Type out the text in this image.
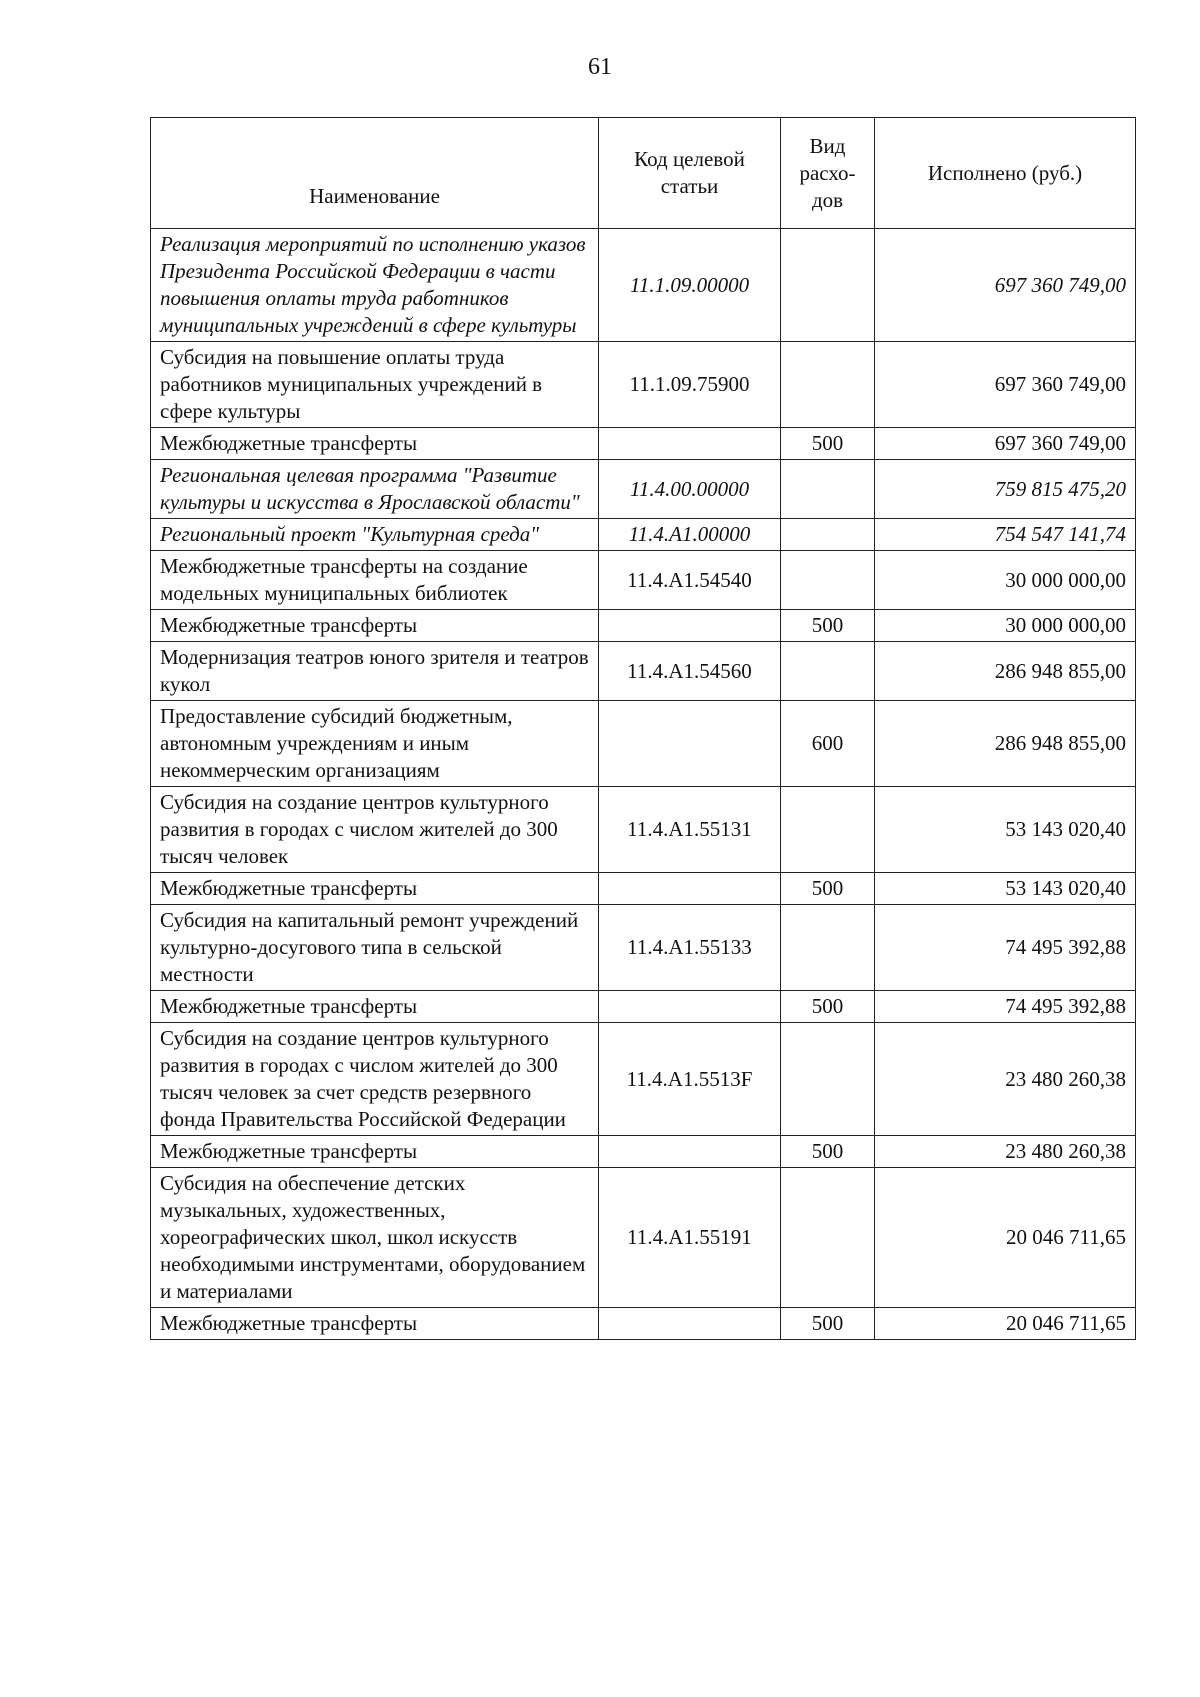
61
Наименование	Код целевой статьи	Вид расхо-дов	Исполнено (руб.)
Реализация мероприятий по исполнению указов Президента Российской Федерации в части повышения оплаты труда работников муниципальных учреждений в сфере культуры	11.1.09.00000		697 360 749,00
Субсидия на повышение оплаты труда работников муниципальных учреждений в сфере культуры	11.1.09.75900		697 360 749,00
Межбюджетные трансферты		500	697 360 749,00
Региональная целевая программа "Развитие культуры и искусства в Ярославской области"	11.4.00.00000		759 815 475,20
Региональный проект "Культурная среда"	11.4.A1.00000		754 547 141,74
Межбюджетные трансферты на создание модельных муниципальных библиотек	11.4.A1.54540		30 000 000,00
Межбюджетные трансферты		500	30 000 000,00
Модернизация театров юного зрителя и театров кукол	11.4.A1.54560		286 948 855,00
Предоставление субсидий бюджетным, автономным учреждениям и иным некоммерческим организациям		600	286 948 855,00
Субсидия на создание центров культурного развития в городах с числом жителей до 300 тысяч человек	11.4.A1.55131		53 143 020,40
Межбюджетные трансферты		500	53 143 020,40
Субсидия на капитальный ремонт учреждений культурно-досугового типа в сельской местности	11.4.A1.55133		74 495 392,88
Межбюджетные трансферты		500	74 495 392,88
Субсидия на создание центров культурного развития в городах с числом жителей до 300 тысяч человек за счет средств резервного фонда Правительства Российской Федерации	11.4.A1.5513F		23 480 260,38
Межбюджетные трансферты		500	23 480 260,38
Субсидия на обеспечение детских музыкальных, художественных, хореографических школ, школ искусств необходимыми инструментами, оборудованием и материалами	11.4.A1.55191		20 046 711,65
Межбюджетные трансферты		500	20 046 711,65
